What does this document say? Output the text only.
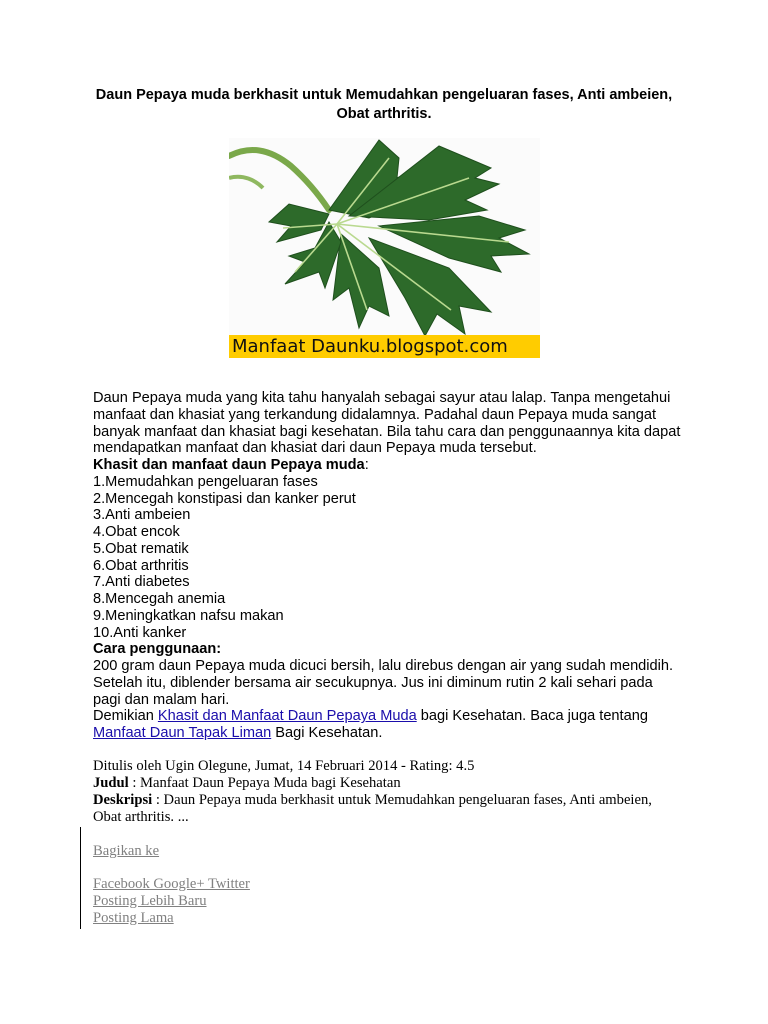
Daun Pepaya muda berkhasit untuk Memudahkan pengeluaran fases, Anti ambeien, Obat arthritis.
Manfaat Daunku.blogspot.com

Daun Pepaya muda yang kita tahu hanyalah sebagai sayur atau lalap. Tanpa mengetahui manfaat dan khasiat yang terkandung didalamnya. Padahal daun Pepaya muda sangat banyak manfaat dan khasiat bagi kesehatan. Bila tahu cara dan penggunaannya kita dapat mendapatkan manfaat dan khasiat dari daun Pepaya muda tersebut.

Khasit dan manfaat daun Pepaya muda:

1.Memudahkan pengeluaran fases
2.Mencegah konstipasi dan kanker perut
3.Anti ambeien
4.Obat encok
5.Obat rematik
6.Obat arthritis
7.Anti diabetes
8.Mencegah anemia
9.Meningkatkan nafsu makan
10.Anti kanker

Cara penggunaan:

200 gram daun Pepaya muda dicuci bersih, lalu direbus dengan air yang sudah mendidih. Setelah itu, diblender bersama air secukupnya. Jus ini diminum rutin 2 kali sehari pada pagi dan malam hari.

Demikian Khasit dan Manfaat Daun Pepaya Muda bagi Kesehatan. Baca juga tentang Manfaat Daun Tapak Liman Bagi Kesehatan.

Ditulis oleh Ugin Olegune, Jumat, 14 Februari 2014 - Rating: 4.5

Judul : Manfaat Daun Pepaya Muda bagi Kesehatan

Deskripsi : Daun Pepaya muda berkhasit untuk Memudahkan pengeluaran fases, Anti ambeien, Obat arthritis. ...

Bagikan ke
Facebook Google+ Twitter
Posting Lebih Baru
Posting Lama
